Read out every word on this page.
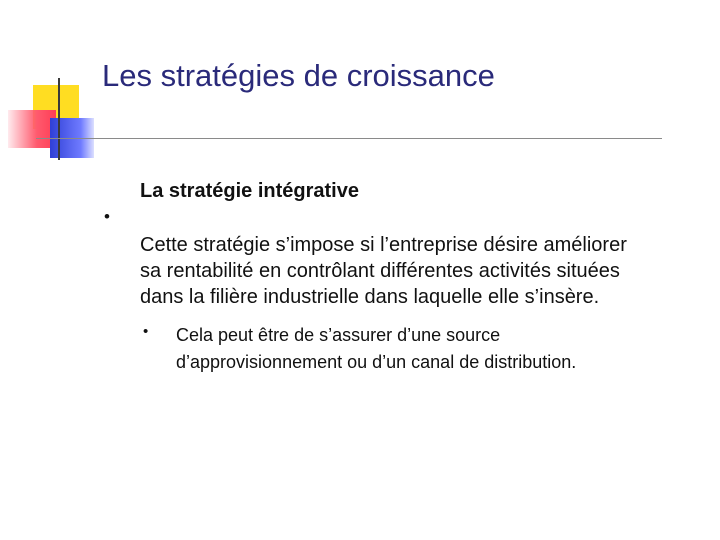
Les stratégies de croissance
La stratégie intégrative
•

Cette stratégie s’impose si l’entreprise désire améliorer sa rentabilité en contrôlant différentes activités situées dans la filière industrielle dans laquelle elle s’insère.
• Cela peut être de s’assurer d’une source d’approvisionnement ou d’un canal de distribution.
